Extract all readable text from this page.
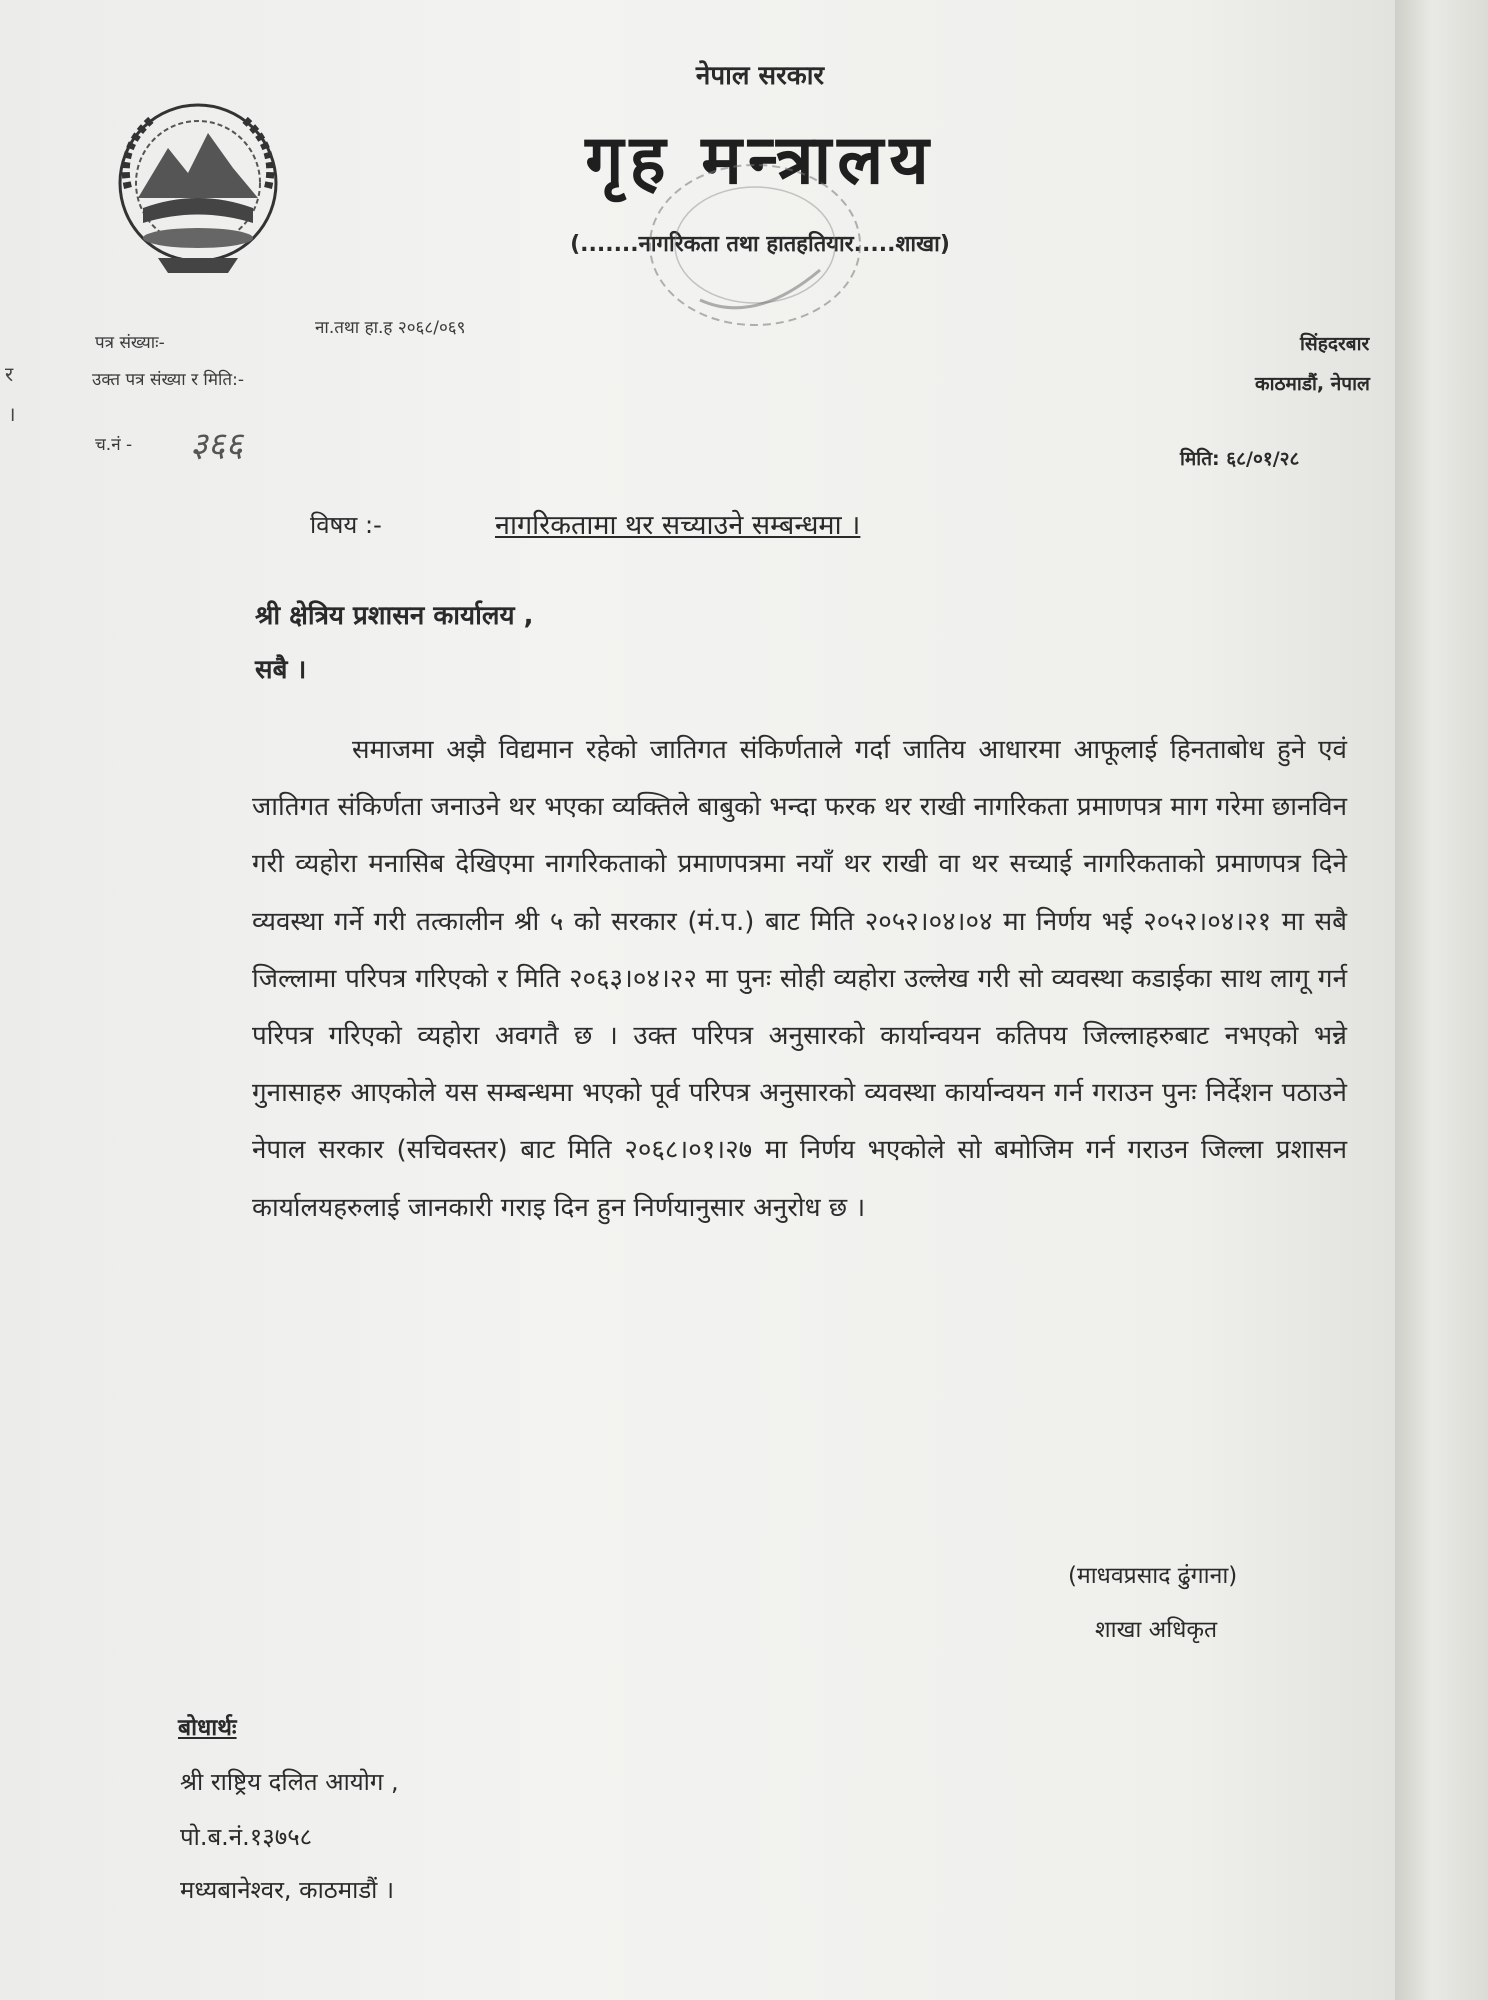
र
।
नेपाल सरकार
गृह मन्त्रालय
(.......नागरिकता तथा हातहतियार.....शाखा)
पत्र संख्याः-
ना.तथा हा.ह २०६८/०६९
उक्त पत्र संख्या र मिति:-
च.नं - ३६६
सिंहदरबार
काठमाडौं, नेपाल
मिति: ६८/०१/२८
विषय :-	नागरिकतामा थर सच्याउने सम्बन्धमा ।
श्री क्षेत्रिय प्रशासन कार्यालय ,
सबै ।
समाजमा अझै विद्यमान रहेको जातिगत संकिर्णताले गर्दा जातिय आधारमा आफूलाई हिनताबोध हुने एवं जातिगत संकिर्णता जनाउने थर भएका व्यक्तिले बाबुको भन्दा फरक थर राखी नागरिकता प्रमाणपत्र माग गरेमा छानविन गरी व्यहोरा मनासिब देखिएमा नागरिकताको प्रमाणपत्रमा नयाँ थर राखी वा थर सच्याई नागरिकताको प्रमाणपत्र दिने व्यवस्था गर्ने गरी तत्कालीन श्री ५ को सरकार (मं.प.) बाट मिति २०५२।०४।०४ मा निर्णय भई २०५२।०४।२१ मा सबै जिल्लामा परिपत्र गरिएको र मिति २०६३।०४।२२ मा पुनः सोही व्यहोरा उल्लेख गरी सो व्यवस्था कडाईका साथ लागू गर्न परिपत्र गरिएको व्यहोरा अवगतै छ । उक्त परिपत्र अनुसारको कार्यान्वयन कतिपय जिल्लाहरुबाट नभएको भन्ने गुनासाहरु आएकोले यस सम्बन्धमा भएको पूर्व परिपत्र अनुसारको व्यवस्था कार्यान्वयन गर्न गराउन पुनः निर्देशन पठाउने नेपाल सरकार (सचिवस्तर) बाट मिति २०६८।०१।२७ मा निर्णय भएकोले सो बमोजिम गर्न गराउन जिल्ला प्रशासन कार्यालयहरुलाई जानकारी गराइ दिन हुन निर्णयानुसार अनुरोध छ ।
(माधवप्रसाद ढुंगाना)
शाखा अधिकृत
बोधार्थः
श्री राष्ट्रिय दलित आयोग ,
पो.ब.नं.१३७५८
मध्यबानेश्वर, काठमाडौं ।
